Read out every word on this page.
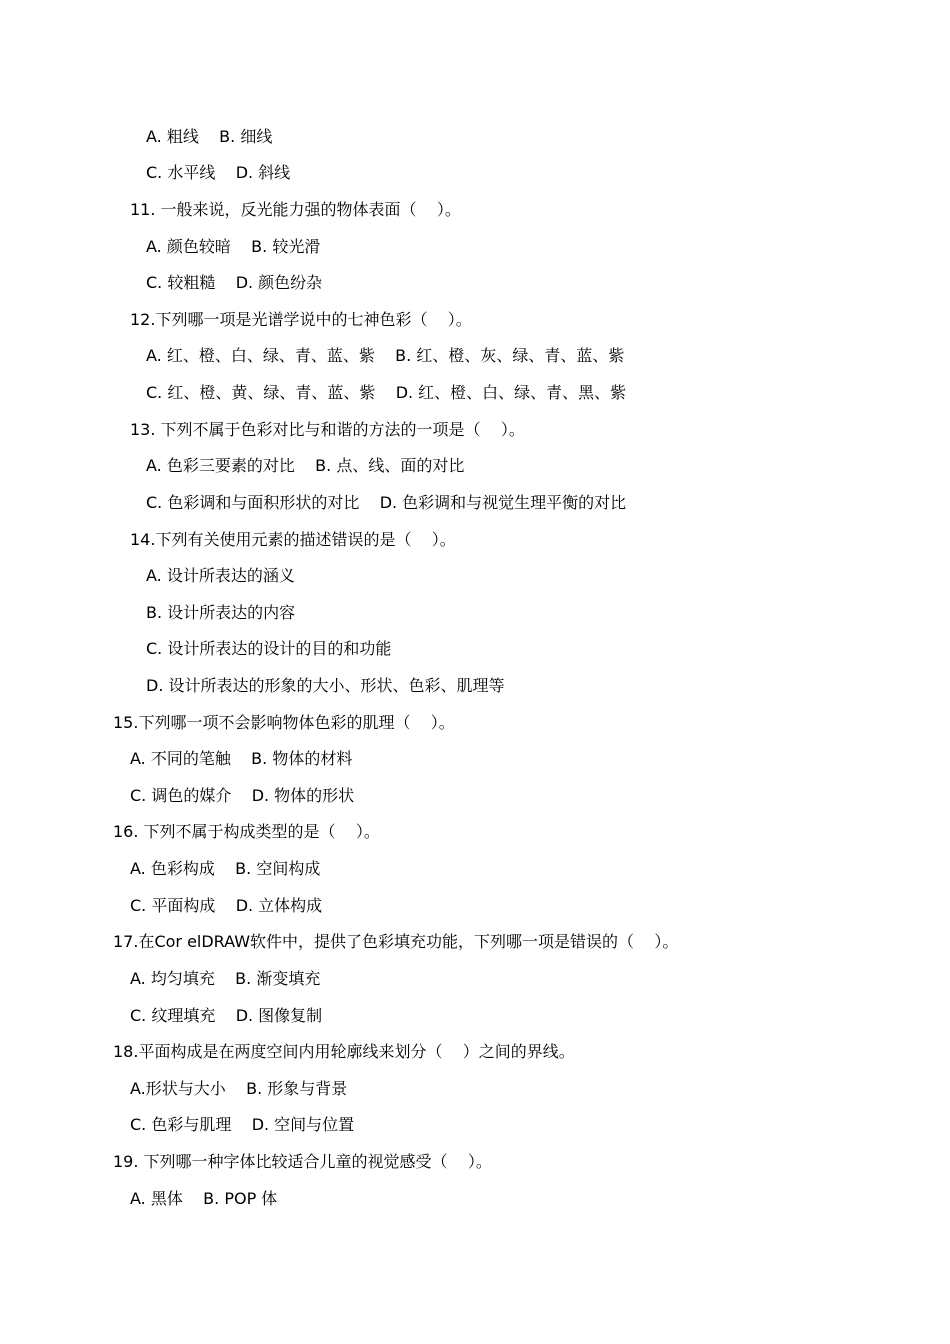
A. 粗线    B. 细线
C. 水平线    D. 斜线
11. 一般来说，反光能力强的物体表面（    ）。
A. 颜色较暗    B. 较光滑
C. 较粗糙    D. 颜色纷杂
12.下列哪一项是光谱学说中的七神色彩（    ）。
A. 红、橙、白、绿、青、蓝、紫    B. 红、橙、灰、绿、青、蓝、紫
C. 红、橙、黄、绿、青、蓝、紫    D. 红、橙、白、绿、青、黑、紫
13. 下列不属于色彩对比与和谐的方法的一项是（    ）。
A. 色彩三要素的对比    B. 点、线、面的对比
C. 色彩调和与面积形状的对比    D. 色彩调和与视觉生理平衡的对比
14.下列有关使用元素的描述错误的是（    ）。
A. 设计所表达的涵义
B. 设计所表达的内容
C. 设计所表达的设计的目的和功能
D. 设计所表达的形象的大小、形状、色彩、肌理等
15.下列哪一项不会影响物体色彩的肌理（    ）。
A. 不同的笔触    B. 物体的材料
C. 调色的媒介    D. 物体的形状
16. 下列不属于构成类型的是（    ）。
A. 色彩构成    B. 空间构成
C. 平面构成    D. 立体构成
17.在Cor elDRAW软件中，提供了色彩填充功能，下列哪一项是错误的（    ）。
A. 均匀填充    B. 渐变填充
C. 纹理填充    D. 图像复制
18.平面构成是在两度空间内用轮廓线来划分（    ）之间的界线。
A.形状与大小    B. 形象与背景
C. 色彩与肌理    D. 空间与位置
19. 下列哪一种字体比较适合儿童的视觉感受（    ）。
A. 黑体    B. POP 体
